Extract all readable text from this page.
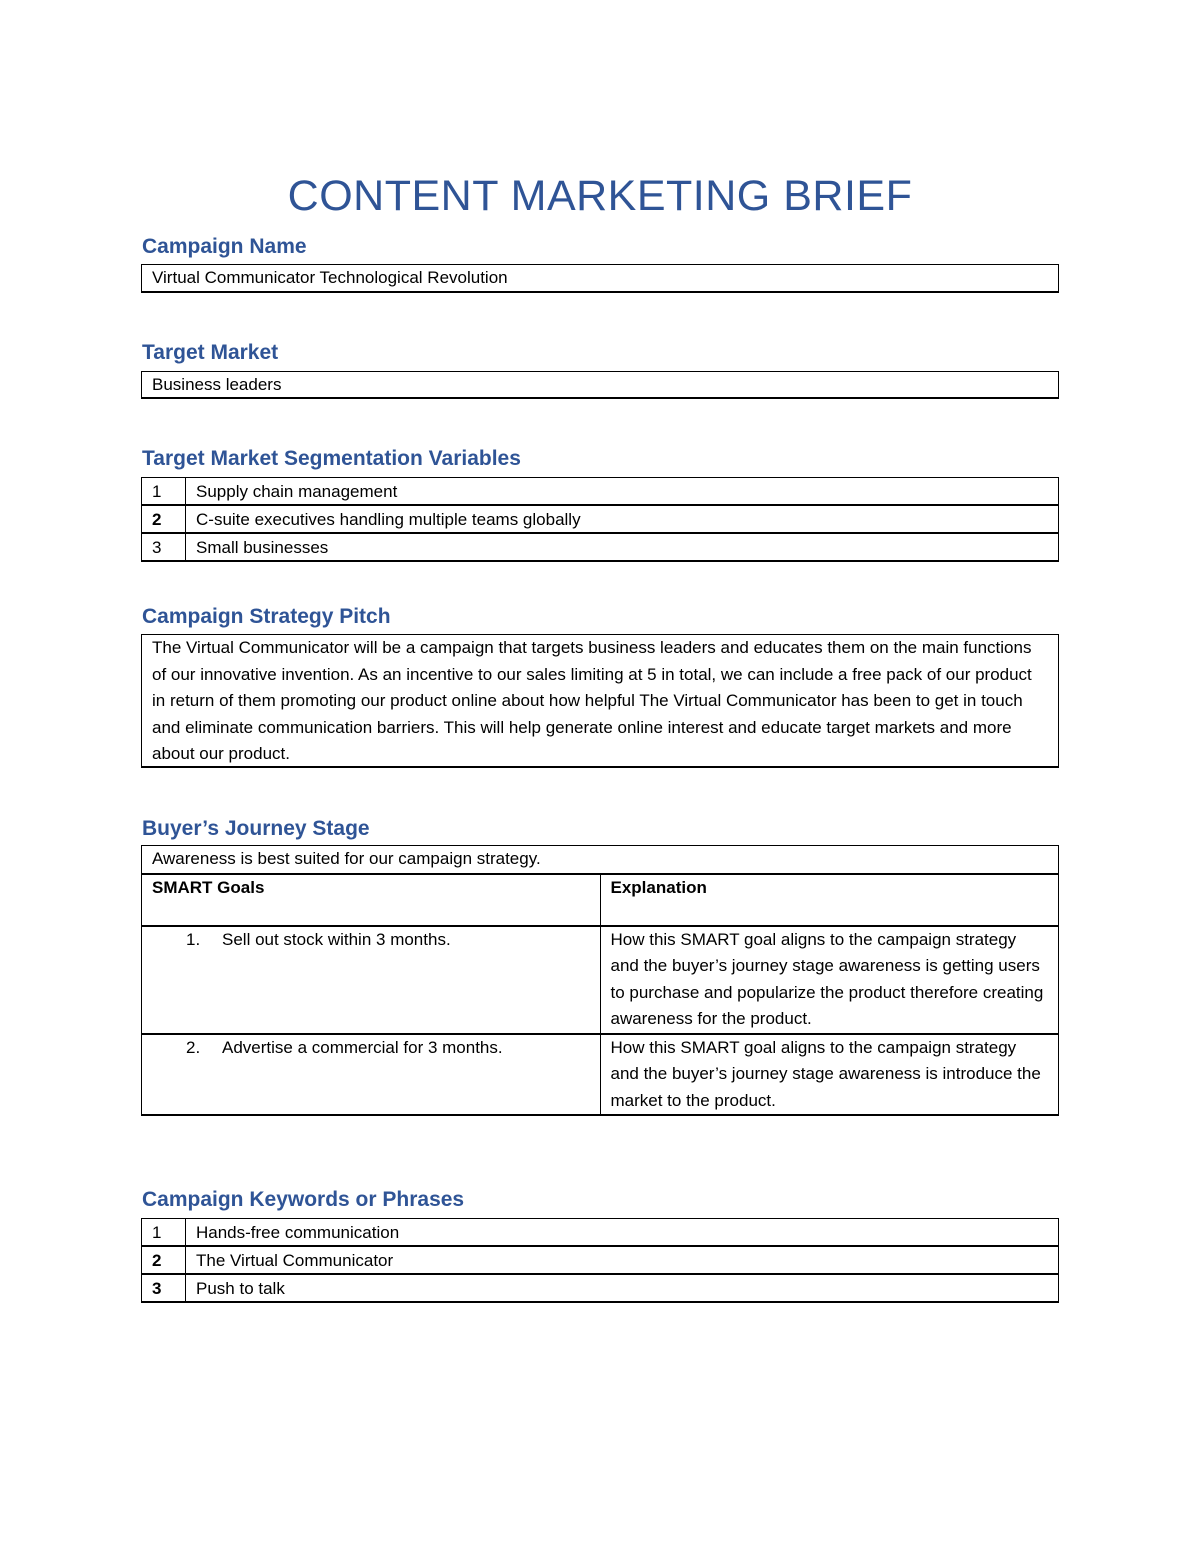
CONTENT MARKETING BRIEF
Campaign Name
Virtual Communicator Technological Revolution
Target Market
Business leaders
Target Market Segmentation Variables
1	Supply chain management
2	C-suite executives handling multiple teams globally
3	Small businesses
Campaign Strategy Pitch
The Virtual Communicator will be a campaign that targets business leaders and educates them on the main functions of our innovative invention. As an incentive to our sales limiting at 5 in total, we can include a free pack of our product in return of them promoting our product online about how helpful The Virtual Communicator has been to get in touch and eliminate communication barriers. This will help generate online interest and educate target markets and more about our product.
Buyer’s Journey Stage
Awareness is best suited for our campaign strategy.	
SMART Goals	Explanation

1. Sell out stock within 3 months.	How this SMART goal aligns to the campaign strategy and the buyer’s journey stage awareness is getting users to purchase and popularize the product therefore creating awareness for the product.

2. Advertise a commercial for 3 months.	How this SMART goal aligns to the campaign strategy and the buyer’s journey stage awareness is introduce the market to the product.
Campaign Keywords or Phrases
1	Hands-free communication
2	The Virtual Communicator
3	Push to talk
